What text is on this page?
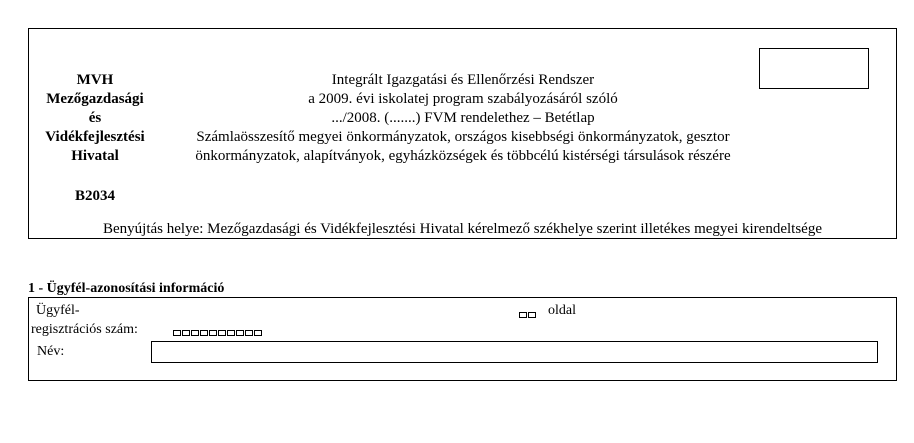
MVH
Mezőgazdasági
és
Vidékfejlesztési
Hivatal
Integrált Igazgatási és Ellenőrzési Rendszer
a 2009. évi iskolatej program szabályozásáról szóló
.../2008. (.......) FVM rendelethez – Betétlap
Számlaösszesítő megyei önkormányzatok, országos kisebbségi önkormányzatok, gesztor
önkormányzatok, alapítványok, egyházközségek és többcélú kistérségi társulások részére
B2034
Benyújtás helye: Mezőgazdasági és Vidékfejlesztési Hivatal kérelmező székhelye szerint illetékes megyei kirendeltsége
1 - Ügyfél-azonosítási információ
Ügyfél-
regisztrációs szám:
oldal
Név:
